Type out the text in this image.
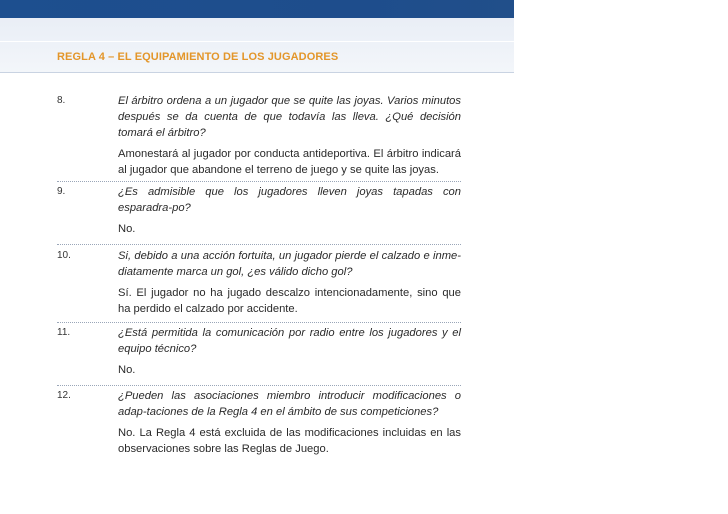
REGLA 4 – EL EQUIPAMIENTO DE LOS JUGADORES
8.	El árbitro ordena a un jugador que se quite las joyas. Varios minutos después se da cuenta de que todavía las lleva. ¿Qué decisión tomará el árbitro?
Amonestará al jugador por conducta antideportiva. El árbitro indicará al jugador que abandone el terreno de juego y se quite las joyas.
9.	¿Es admisible que los jugadores lleven joyas tapadas con esparadra-po?
No.
10.	Si, debido a una acción fortuita, un jugador pierde el calzado e inme-diatamente marca un gol, ¿es válido dicho gol?
Sí. El jugador no ha jugado descalzo intencionadamente, sino que ha perdido el calzado por accidente.
11.	¿Está permitida la comunicación por radio entre los jugadores y el equipo técnico?
No.
12.	¿Pueden las asociaciones miembro introducir modificaciones o adap-taciones de la Regla 4 en el ámbito de sus competiciones?
No. La Regla 4 está excluida de las modificaciones incluidas en las observaciones sobre las Reglas de Juego.
